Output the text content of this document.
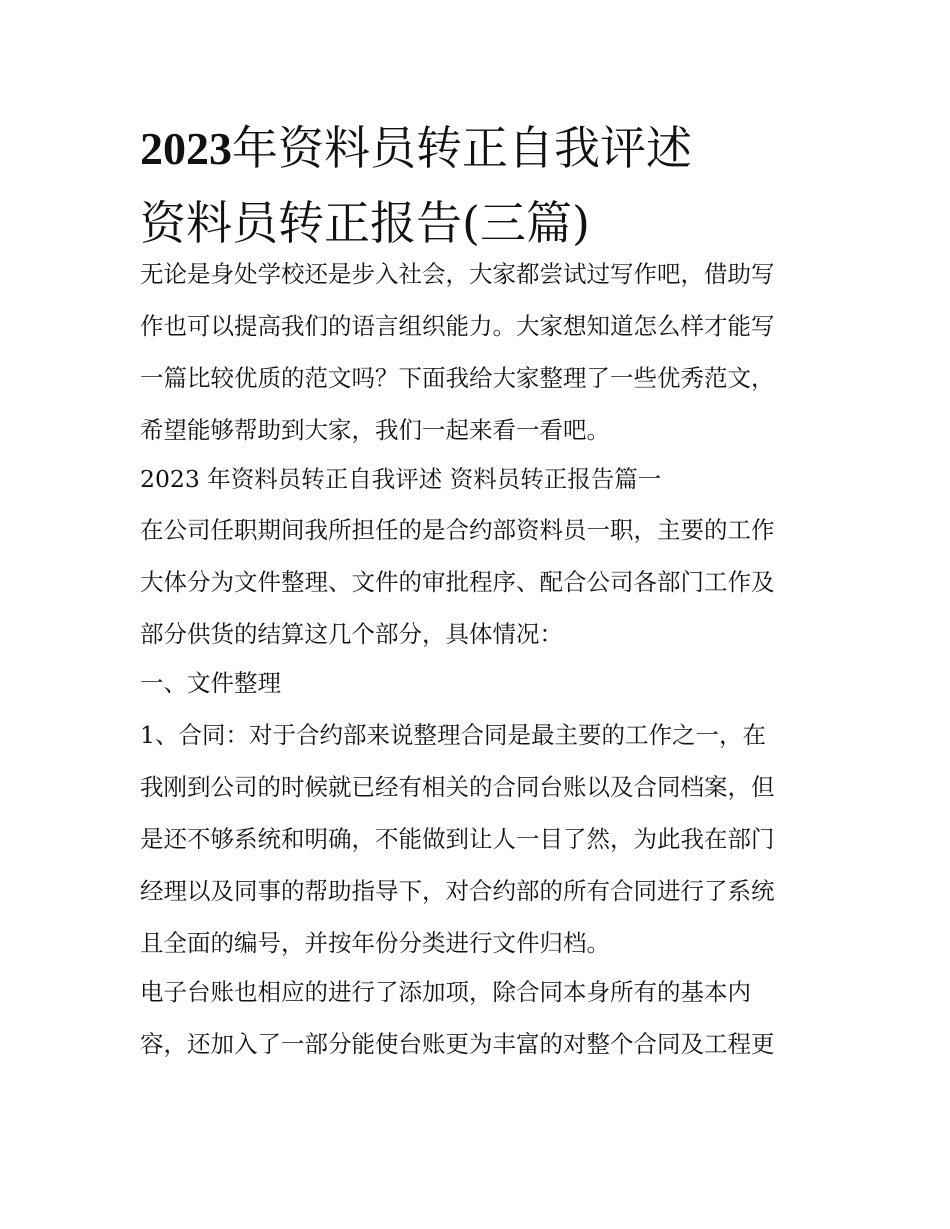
2023年资料员转正自我评述
资料员转正报告(三篇)

无论是身处学校还是步入社会，大家都尝试过写作吧，借助写

作也可以提高我们的语言组织能力。大家想知道怎么样才能写

一篇比较优质的范文吗？下面我给大家整理了一些优秀范文，

希望能够帮助到大家，我们一起来看一看吧。

2023 年资料员转正自我评述 资料员转正报告篇一

在公司任职期间我所担任的是合约部资料员一职，主要的工作

大体分为文件整理、文件的审批程序、配合公司各部门工作及

部分供货的结算这几个部分，具体情况：

一、文件整理

1、合同：对于合约部来说整理合同是最主要的工作之一，在

我刚到公司的时候就已经有相关的合同台账以及合同档案，但

是还不够系统和明确，不能做到让人一目了然，为此我在部门

经理以及同事的帮助指导下，对合约部的所有合同进行了系统

且全面的编号，并按年份分类进行文件归档。

电子台账也相应的进行了添加项，除合同本身所有的基本内

容，还加入了一部分能使台账更为丰富的对整个合同及工程更
